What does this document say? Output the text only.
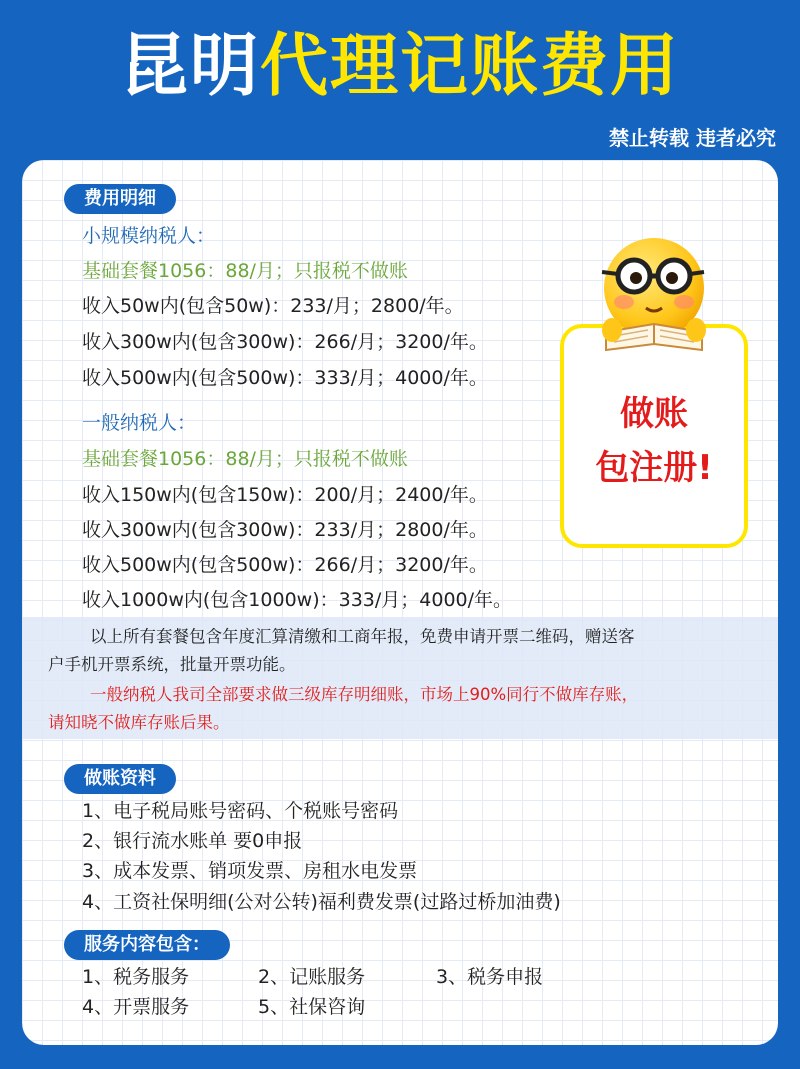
昆明代理记账费用
禁止转载 违者必究
费用明细
小规模纳税人：
基础套餐1056：88/月；只报税不做账
收入50w内(包含50w)：233/月；2800/年。
收入300w内(包含300w)：266/月；3200/年。
收入500w内(包含500w)：333/月；4000/年。
一般纳税人：
基础套餐1056：88/月；只报税不做账
收入150w内(包含150w)：200/月；2400/年。
收入300w内(包含300w)：233/月；2800/年。
收入500w内(包含500w)：266/月；3200/年。
收入1000w内(包含1000w)：333/月；4000/年。
做账
包注册!

以上所有套餐包含年度汇算清缴和工商年报，免费申请开票二维码，赠送客

户手机开票系统，批量开票功能。

一般纳税人我司全部要求做三级库存明细账，市场上90%同行不做库存账，

请知晓不做库存账后果。

做账资料
1、电子税局账号密码、个税账号密码
2、银行流水账单 要0申报
3、成本发票、销项发票、房租水电发票
4、工资社保明细(公对公转)福利费发票(过路过桥加油费)
服务内容包含：
1、税务服务	2、记账服务	3、税务申报
4、开票服务	5、社保咨询
